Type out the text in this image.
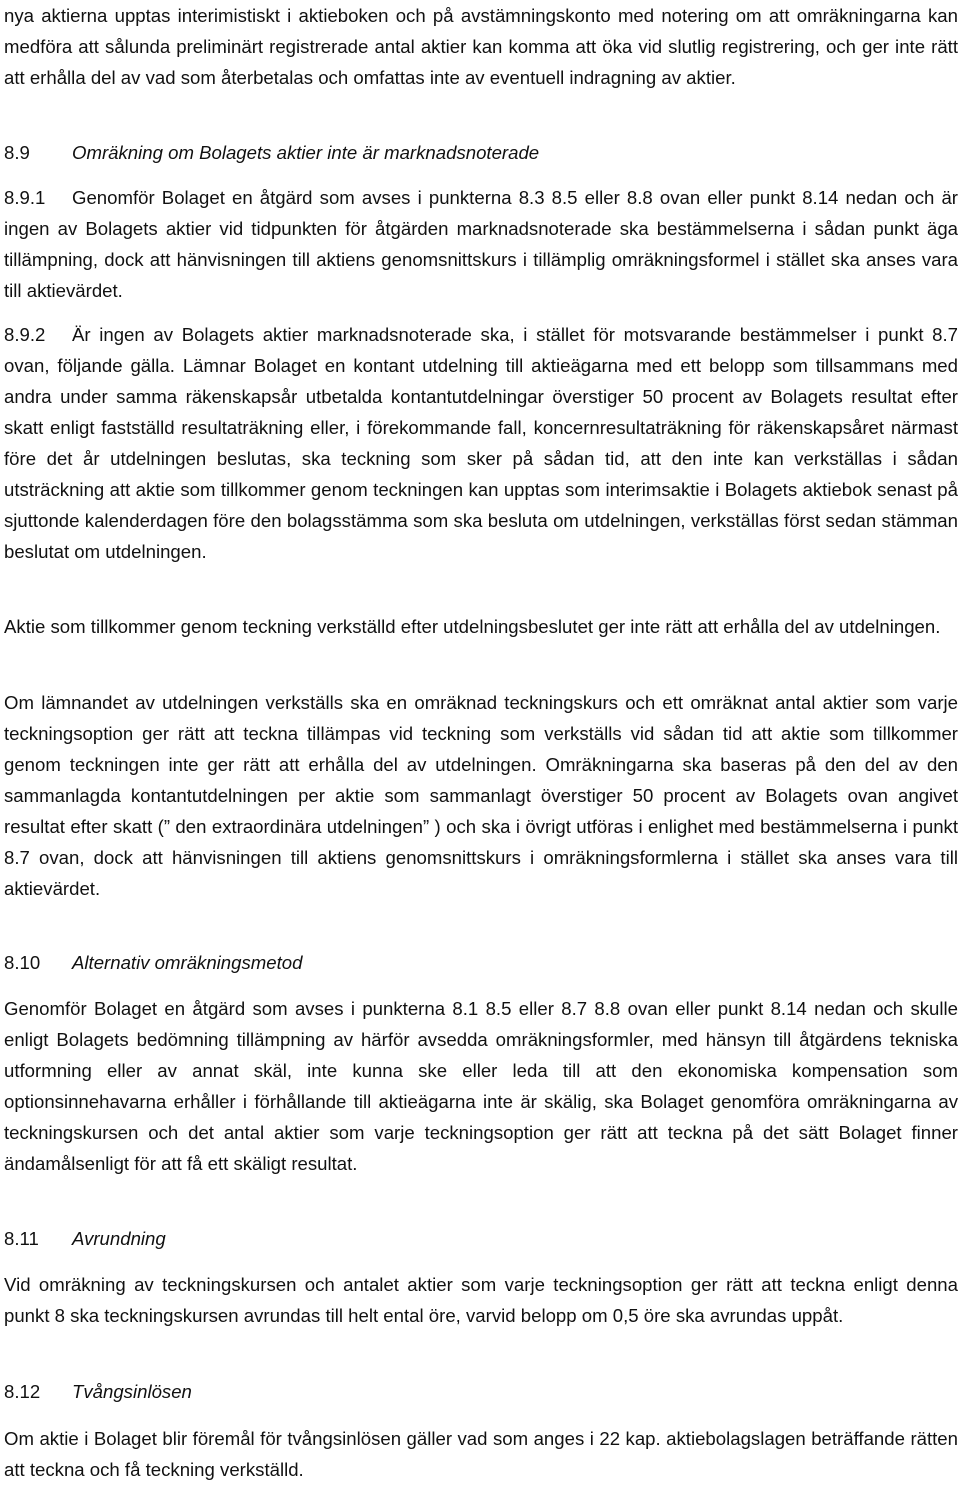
nya aktierna upptas interimistiskt i aktieboken och på avstämningskonto med notering om att omräkningarna kan medföra att sålunda preliminärt registrerade antal aktier kan komma att öka vid slutlig registrering, och ger inte rätt att erhålla del av vad som återbetalas och omfattas inte av eventuell indragning av aktier.

8.9 Omräkning om Bolagets aktier inte är marknadsnoterade

8.9.1 Genomför Bolaget en åtgärd som avses i punkterna 8.3 8.5 eller 8.8 ovan eller punkt 8.14 nedan och är ingen av Bolagets aktier vid tidpunkten för åtgärden marknadsnoterade ska bestämmelserna i sådan punkt äga tillämpning, dock att hänvisningen till aktiens genomsnittskurs i tillämplig omräkningsformel i stället ska anses vara till aktievärdet.

8.9.2 Är ingen av Bolagets aktier marknadsnoterade ska, i stället för motsvarande bestämmelser i punkt 8.7 ovan, följande gälla. Lämnar Bolaget en kontant utdelning till aktieägarna med ett belopp som tillsammans med andra under samma räkenskapsår utbetalda kontantutdelningar överstiger 50 procent av Bolagets resultat efter skatt enligt fastställd resultaträkning eller, i förekommande fall, koncernresultaträkning för räkenskapsåret närmast före det år utdelningen beslutas, ska teckning som sker på sådan tid, att den inte kan verkställas i sådan utsträckning att aktie som tillkommer genom teckningen kan upptas som interimsaktie i Bolagets aktiebok senast på sjuttonde kalenderdagen före den bolagsstämma som ska besluta om utdelningen, verkställas först sedan stämman beslutat om utdelningen.

Aktie som tillkommer genom teckning verkställd efter utdelningsbeslutet ger inte rätt att erhålla del av utdelningen.

Om lämnandet av utdelningen verkställs ska en omräknad teckningskurs och ett omräknat antal aktier som varje teckningsoption ger rätt att teckna tillämpas vid teckning som verkställs vid sådan tid att aktie som tillkommer genom teckningen inte ger rätt att erhålla del av utdelningen. Omräkningarna ska baseras på den del av den sammanlagda kontantutdelningen per aktie som sammanlagt överstiger 50 procent av Bolagets ovan angivet resultat efter skatt (” den extraordinära utdelningen” ) och ska i övrigt utföras i enlighet med bestämmelserna i punkt 8.7 ovan, dock att hänvisningen till aktiens genomsnittskurs i omräkningsformlerna i stället ska anses vara till aktievärdet.

8.10 Alternativ omräkningsmetod

Genomför Bolaget en åtgärd som avses i punkterna 8.1 8.5 eller 8.7 8.8 ovan eller punkt 8.14 nedan och skulle enligt Bolagets bedömning tillämpning av härför avsedda omräkningsformler, med hänsyn till åtgärdens tekniska utformning eller av annat skäl, inte kunna ske eller leda till att den ekonomiska kompensation som optionsinnehavarna erhåller i förhållande till aktieägarna inte är skälig, ska Bolaget genomföra omräkningarna av teckningskursen och det antal aktier som varje teckningsoption ger rätt att teckna på det sätt Bolaget finner ändamålsenligt för att få ett skäligt resultat.

8.11 Avrundning

Vid omräkning av teckningskursen och antalet aktier som varje teckningsoption ger rätt att teckna enligt denna punkt 8 ska teckningskursen avrundas till helt ental öre, varvid belopp om 0,5 öre ska avrundas uppåt.

8.12 Tvångsinlösen

Om aktie i Bolaget blir föremål för tvångsinlösen gäller vad som anges i 22 kap. aktiebolagslagen beträffande rätten att teckna och få teckning verkställd.
